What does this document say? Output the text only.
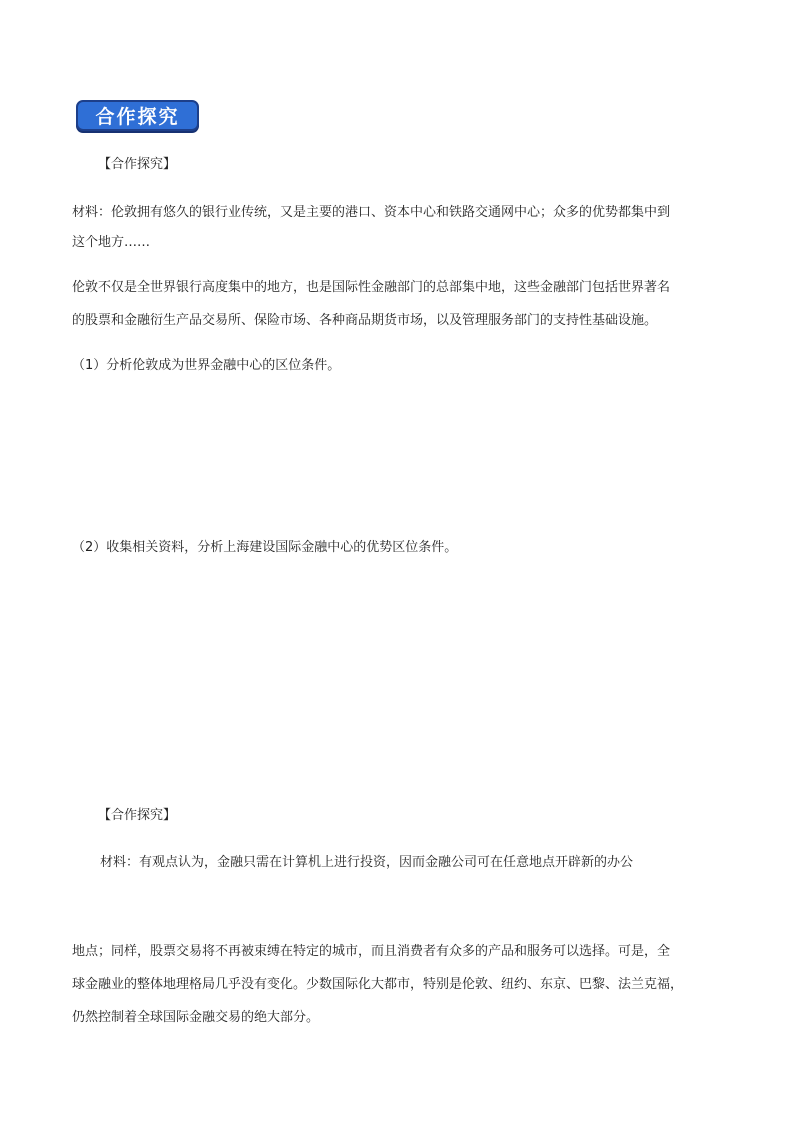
合作探究
【合作探究】
材料：伦敦拥有悠久的银行业传统，又是主要的港口、资本中心和铁路交通网中心；众多的优势都集中到
这个地方……
伦敦不仅是全世界银行高度集中的地方，也是国际性金融部门的总部集中地，这些金融部门包括世界著名
的股票和金融衍生产品交易所、保险市场、各种商品期货市场，以及管理服务部门的支持性基础设施。
（1）分析伦敦成为世界金融中心的区位条件。
（2）收集相关资料，分析上海建设国际金融中心的优势区位条件。
【合作探究】
材料：有观点认为，金融只需在计算机上进行投资，因而金融公司可在任意地点开辟新的办公
地点；同样，股票交易将不再被束缚在特定的城市，而且消费者有众多的产品和服务可以选择。可是，全
球金融业的整体地理格局几乎没有变化。少数国际化大都市，特别是伦敦、纽约、东京、巴黎、法兰克福，
仍然控制着全球国际金融交易的绝大部分。
